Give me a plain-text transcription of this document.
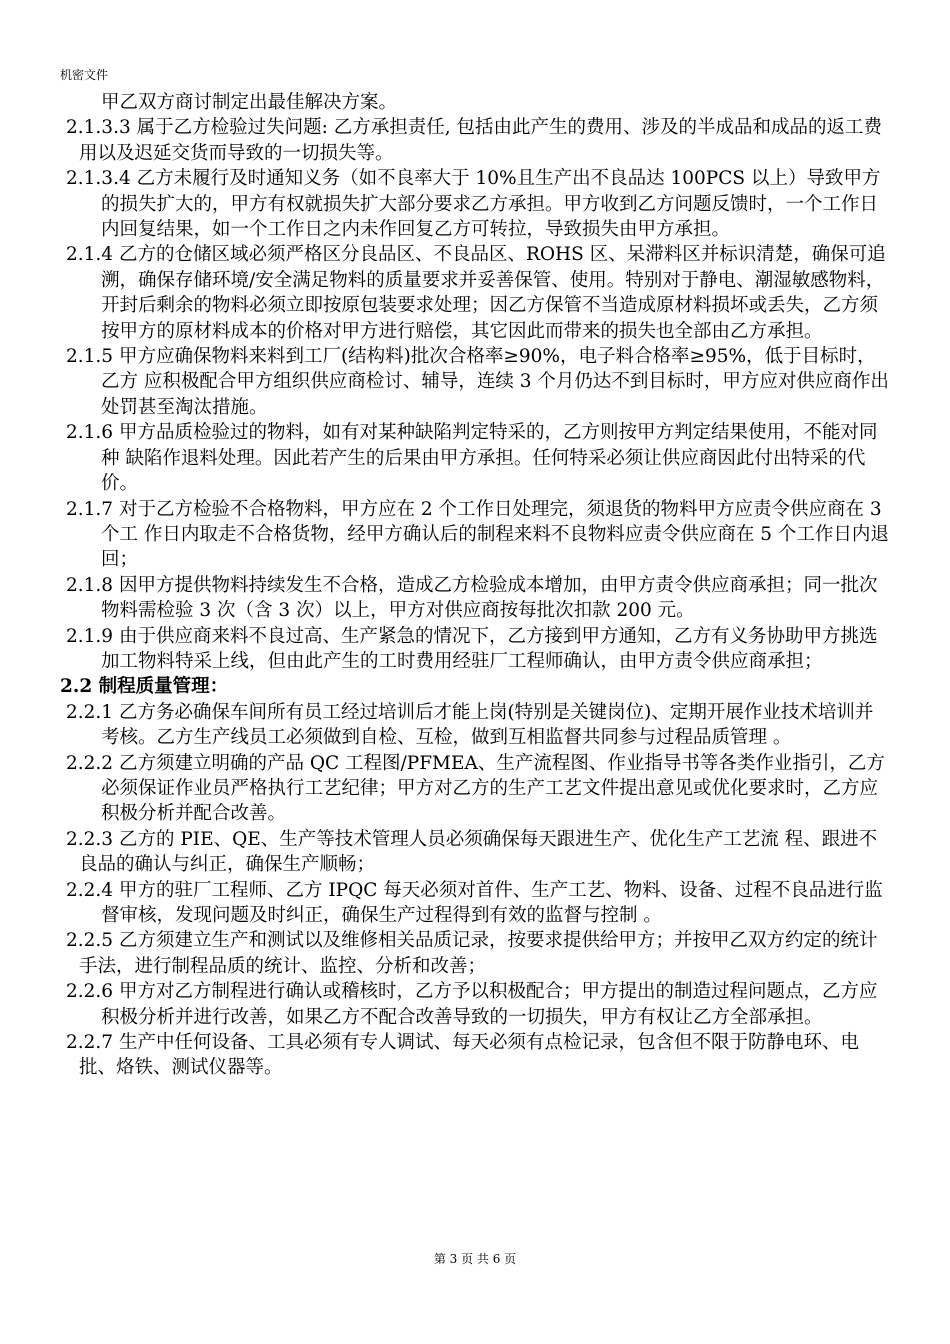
机密文件

甲乙双方商讨制定出最佳解决方案。

2.1.3.3 属于乙方检验过失问题: 乙方承担责任, 包括由此产生的费用、涉及的半成品和成品的返工费用以及迟延交货而导致的一切损失等。

2.1.3.4 乙方未履行及时通知义务（如不良率大于 10%且生产出不良品达 100PCS 以上）导致甲方的损失扩大的，甲方有权就损失扩大部分要求乙方承担。甲方收到乙方问题反馈时，一个工作日内回复结果，如一个工作日之内未作回复乙方可转拉，导致损失由甲方承担。

2.1.4 乙方的仓储区域必须严格区分良品区、不良品区、ROHS 区、呆滞料区并标识清楚，确保可追 溯，确保存储环境/安全满足物料的质量要求并妥善保管、使用。特别对于静电、潮湿敏感物料，开封后剩余的物料必须立即按原包装要求处理；因乙方保管不当造成原材料损坏或丢失，乙方须按甲方的原材料成本的价格对甲方进行赔偿，其它因此而带来的损失也全部由乙方承担。

2.1.5 甲方应确保物料来料到工厂(结构料)批次合格率≥90%，电子料合格率≥95%，低于目标时，乙方 应积极配合甲方组织供应商检讨、辅导，连续 3 个月仍达不到目标时，甲方应对供应商作出处罚甚至淘汰措施。

2.1.6 甲方品质检验过的物料，如有对某种缺陷判定特采的，乙方则按甲方判定结果使用，不能对同种 缺陷作退料处理。因此若产生的后果由甲方承担。任何特采必须让供应商因此付出特采的代价。

2.1.7 对于乙方检验不合格物料，甲方应在 2 个工作日处理完，须退货的物料甲方应责令供应商在 3 个工 作日内取走不合格货物，经甲方确认后的制程来料不良物料应责令供应商在 5 个工作日内退回；

2.1.8 因甲方提供物料持续发生不合格，造成乙方检验成本增加，由甲方责令供应商承担；同一批次物料需检验 3 次（含 3 次）以上，甲方对供应商按每批次扣款 200 元。

2.1.9 由于供应商来料不良过高、生产紧急的情况下，乙方接到甲方通知，乙方有义务协助甲方挑选加工物料特采上线，但由此产生的工时费用经驻厂工程师确认，由甲方责令供应商承担；

2.2 制程质量管理：

2.2.1 乙方务必确保车间所有员工经过培训后才能上岗(特别是关键岗位)、定期开展作业技术培训并考核。乙方生产线员工必须做到自检、互检，做到互相监督共同参与过程品质管理 。

2.2.2 乙方须建立明确的产品 QC 工程图/PFMEA、生产流程图、作业指导书等各类作业指引，乙方必须保证作业员严格执行工艺纪律；甲方对乙方的生产工艺文件提出意见或优化要求时，乙方应积极分析并配合改善。

2.2.3 乙方的 PIE、QE、生产等技术管理人员必须确保每天跟进生产、优化生产工艺流 程、跟进不良品的确认与纠正，确保生产顺畅；

2.2.4 甲方的驻厂工程师、乙方 IPQC 每天必须对首件、生产工艺、物料、设备、过程不良品进行监督审核，发现问题及时纠正，确保生产过程得到有效的监督与控制 。

2.2.5 乙方须建立生产和测试以及维修相关品质记录，按要求提供给甲方；并按甲乙双方约定的统计手法，进行制程品质的统计、监控、分析和改善；

2.2.6 甲方对乙方制程进行确认或稽核时，乙方予以积极配合；甲方提出的制造过程问题点，乙方应积极分析并进行改善，如果乙方不配合改善导致的一切损失，甲方有权让乙方全部承担。

2.2.7 生产中任何设备、工具必须有专人调试、每天必须有点检记录，包含但不限于防静电环、电批、烙铁、测试仪器等。

第 3 页 共 6 页
